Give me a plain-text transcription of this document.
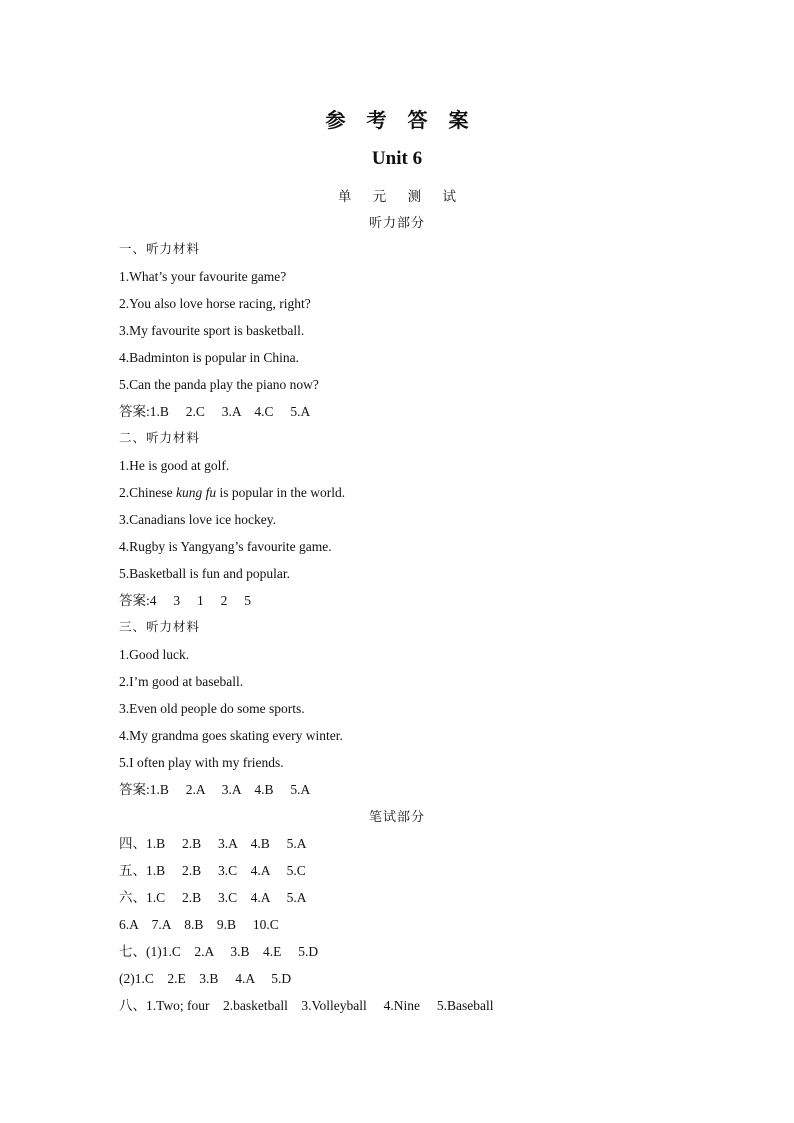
参 考 答 案
Unit 6
单 元 测 试
听力部分
一、听力材料
1.What’s your favourite game?
2.You also love horse racing, right?
3.My favourite sport is basketball.
4.Badminton is popular in China.
5.Can the panda play the piano now?
答案:1.B　 2.C　 3.A　4.C　 5.A
二、听力材料
1.He is good at golf.
2.Chinese kung fu is popular in the world.
3.Canadians love ice hockey.
4.Rugby is Yangyang’s favourite game.
5.Basketball is fun and popular.
答案:4　 3　 1　 2　 5
三、听力材料
1.Good luck.
2.I’m good at baseball.
3.Even old people do some sports.
4.My grandma goes skating every winter.
5.I often play with my friends.
答案:1.B　 2.A　 3.A　4.B　 5.A
四、1.B　 2.B　 3.A　4.B　 5.A
五、1.B　 2.B　 3.C　4.A　 5.C
六、1.C　 2.B　 3.C　4.A　 5.A
6.A　7.A　8.B　9.B　 10.C
七、(1)1.C　2.A　 3.B　4.E　 5.D
(2)1.C　2.E　3.B　 4.A　 5.D
八、1.Two; four　2.basketball　3.Volleyball　 4.Nine　 5.Baseball
笔试部分
